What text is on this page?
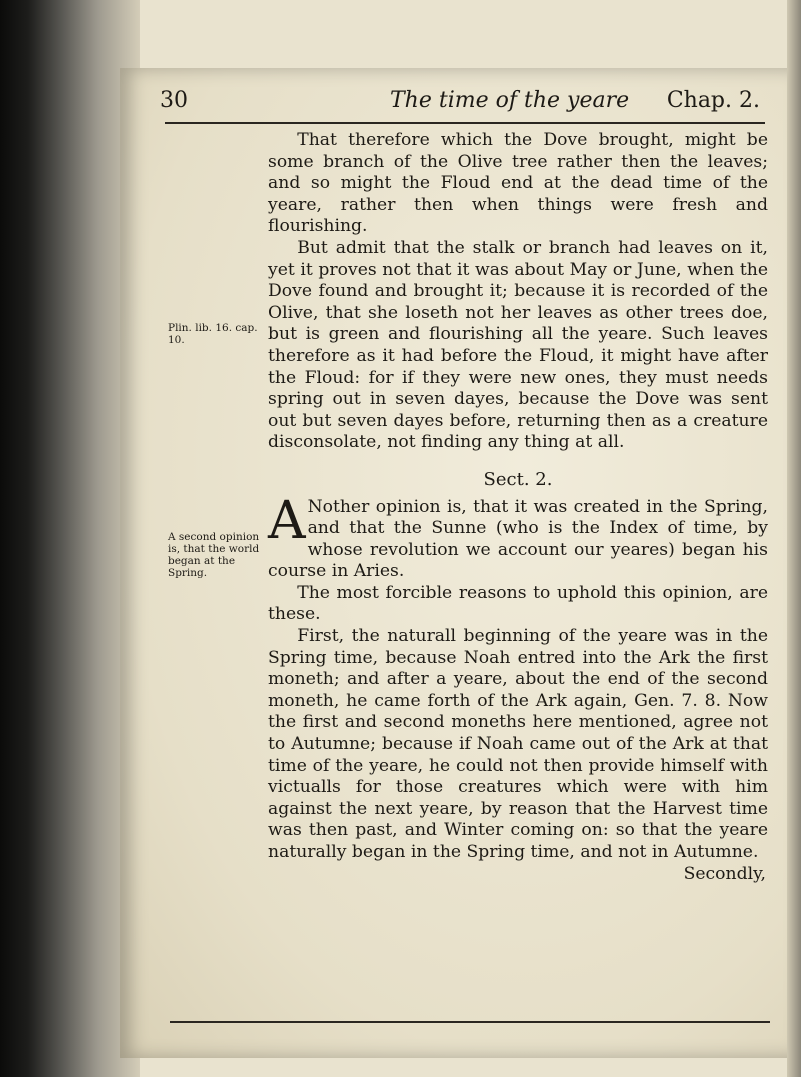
30	The time of the yeare Chap. 2.
Plin. lib. 16. cap. 10.
A second opinion is, that the world began at the Spring.

That therefore which the Dove brought, might be some branch of the Olive tree rather then the leaves; and so might the Floud end at the dead time of the yeare, rather then when things were fresh and flourishing.

But admit that the stalk or branch had leaves on it, yet it proves not that it was about May or June, when the Dove found and brought it; because it is recorded of the Olive, that she loseth not her leaves as other trees doe, but is green and flourishing all the yeare. Such leaves therefore as it had before the Floud, it might have after the Floud: for if they were new ones, they must needs spring out in seven dayes, because the Dove was sent out but seven dayes before, returning then as a creature disconsolate, not finding any thing at all.

Sect. 2.

A Nother opinion is, that it was created in the Spring, and that the Sunne (who is the Index of time, by whose revolution we account our yeares) began his course in Aries.

The most forcible reasons to uphold this opinion, are these.

First, the naturall beginning of the yeare was in the Spring time, because Noah entred into the Ark the first moneth; and after a yeare, about the end of the second moneth, he came forth of the Ark again, Gen. 7. 8. Now the first and second moneths here mentioned, agree not to Autumne; because if Noah came out of the Ark at that time of the yeare, he could not then provide himself with victualls for those creatures which were with him against the next yeare, by reason that the Harvest time was then past, and Winter coming on: so that the yeare naturally began in the Spring time, and not in Autumne.

Secondly,
